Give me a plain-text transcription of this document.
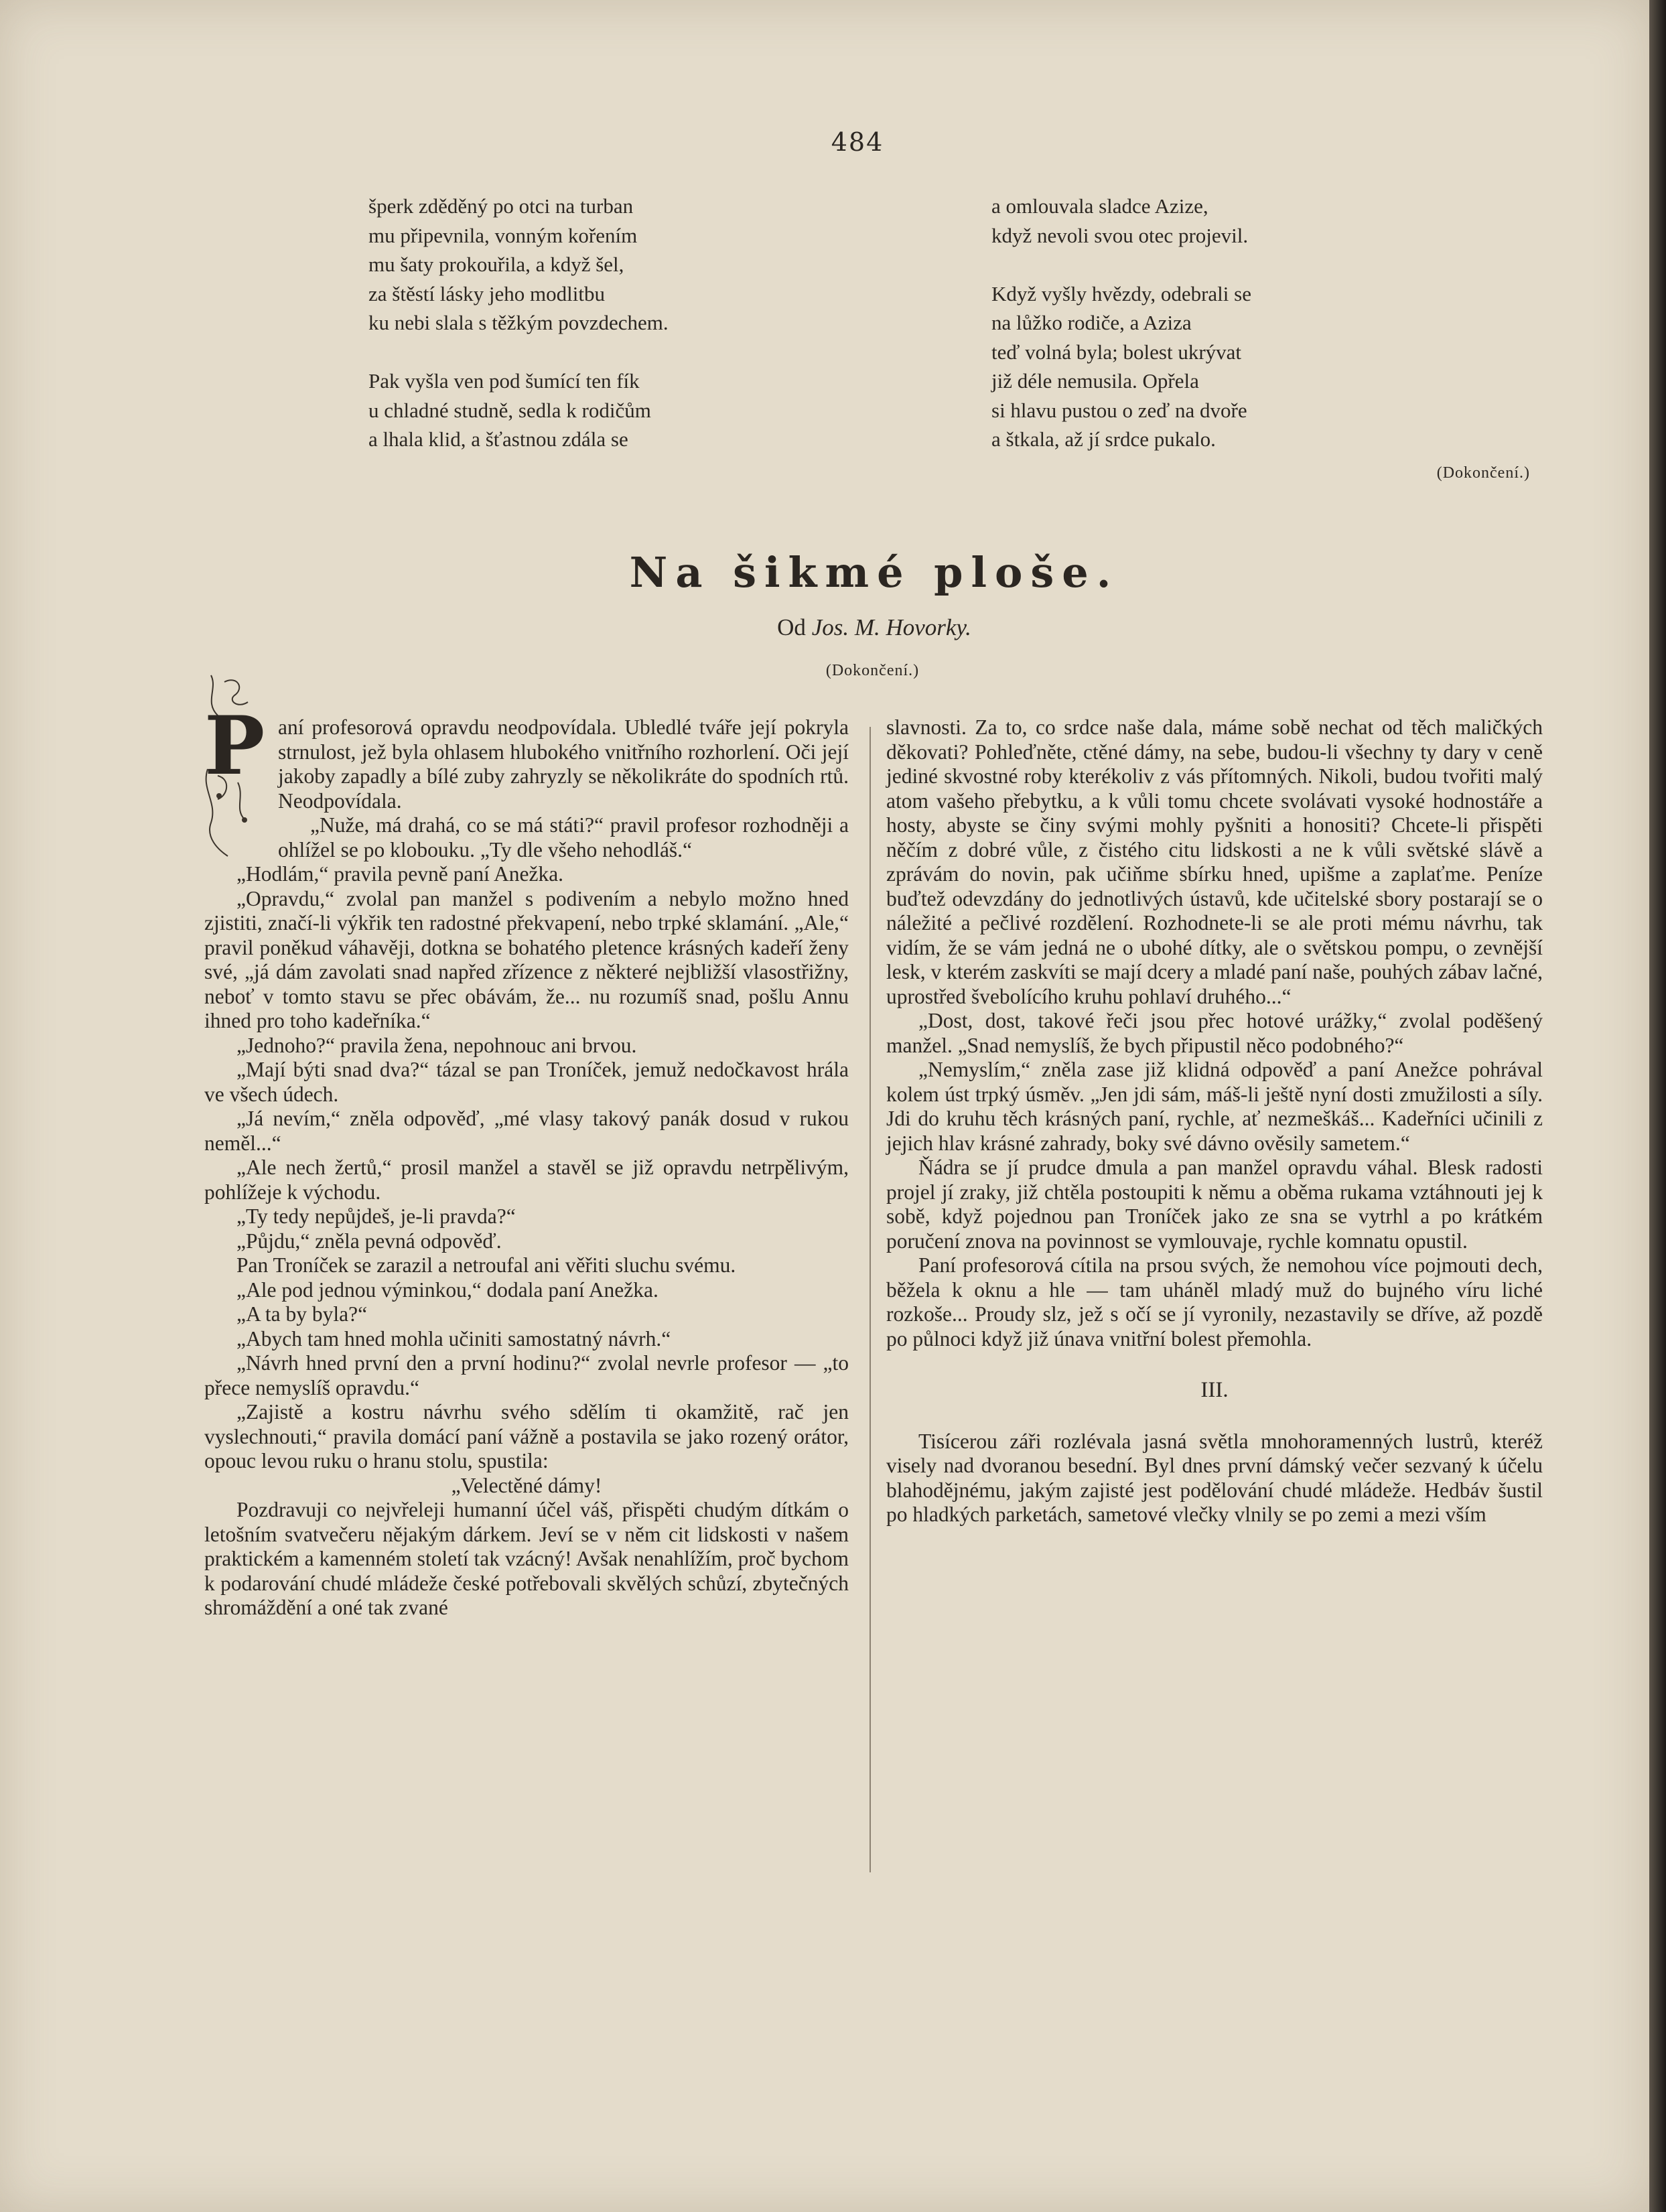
484
šperk zděděný po otci na turban
mu připevnila, vonným kořením
mu šaty prokouřila, a když šel,
za štěstí lásky jeho modlitbu
ku nebi slala s těžkým povzdechem.
Pak vyšla ven pod šumící ten fík
u chladné studně, sedla k rodičům
a lhala klid, a šťastnou zdála se
a omlouvala sladce Azize,
když nevoli svou otec projevil.
Když vyšly hvězdy, odebrali se
na lůžko rodiče, a Aziza
teď volná byla; bolest ukrývat
již déle nemusila. Opřela
si hlavu pustou o zeď na dvoře
a štkala, až jí srdce pukalo.
(Dokončení.)
Na šikmé ploše.
Od Jos. M. Hovorky.
(Dokončení.)
P aní profesorová opravdu neodpovídala. Ubledlé tváře její pokryla strnulost, jež byla ohlasem hlubokého vnitřního rozhorlení. Oči její jakoby zapadly a bílé zuby zahryzly se několikráte do spodních rtů. Neodpovídala.

„Nuže, má drahá, co se má státi?“ pravil profesor rozhodněji a ohlížel se po klobouku. „Ty dle všeho nehodláš.“

„Hodlám,“ pravila pevně paní Anežka.

„Opravdu,“ zvolal pan manžel s podivením a nebylo možno hned zjistiti, značí-li výkřik ten radostné překvapení, nebo trpké sklamání. „Ale,“ pravil poněkud váhavěji, dotkna se bohatého pletence krásných kadeří ženy své, „já dám zavolati snad napřed zřízence z některé nejbližší vlasostřižny, neboť v tomto stavu se přec obávám, že... nu rozumíš snad, pošlu Annu ihned pro toho kadeřníka.“

„Jednoho?“ pravila žena, nepohnouc ani brvou.

„Mají býti snad dva?“ tázal se pan Troníček, jemuž nedočkavost hrála ve všech údech.

„Já nevím,“ zněla odpověď, „mé vlasy takový panák dosud v rukou neměl...“

„Ale nech žertů,“ prosil manžel a stavěl se již opravdu netrpělivým, pohlížeje k východu.

„Ty tedy nepůjdeš, je-li pravda?“

„Půjdu,“ zněla pevná odpověď.

Pan Troníček se zarazil a netroufal ani věřiti sluchu svému.

„Ale pod jednou výminkou,“ dodala paní Anežka.

„A ta by byla?“

„Abych tam hned mohla učiniti samostatný návrh.“

„Návrh hned první den a první hodinu?“ zvolal nevrle profesor — „to přece nemyslíš opravdu.“

„Zajistě a kostru návrhu svého sdělím ti okamžitě, rač jen vyslechnouti,“ pravila domácí paní vážně a postavila se jako rozený orátor, opouc levou ruku o hranu stolu, spustila:

„Velectěné dámy!

Pozdravuji co nejvřeleji humanní účel váš, přispěti chudým dítkám o letošním svatvečeru nějakým dárkem. Jeví se v něm cit lidskosti v našem praktickém a kamenném století tak vzácný! Avšak nenahlížím, proč bychom k podarování chudé mládeže české potřebovali skvělých schůzí, zbytečných shromáždění a oné tak zvané

slavnosti. Za to, co srdce naše dala, máme sobě nechat od těch maličkých děkovati? Pohleďněte, ctěné dámy, na sebe, budou-li všechny ty dary v ceně jediné skvostné roby kterékoliv z vás přítomných. Nikoli, budou tvořiti malý atom vašeho přebytku, a k vůli tomu chcete svolávati vysoké hodnostáře a hosty, abyste se činy svými mohly pyšniti a honositi? Chcete-li přispěti něčím z dobré vůle, z čistého citu lidskosti a ne k vůli světské slávě a zprávám do novin, pak učiňme sbírku hned, upišme a zaplaťme. Peníze buďtež odevzdány do jednotlivých ústavů, kde učitelské sbory postarají se o náležité a pečlivé rozdělení. Rozhodnete-li se ale proti mému návrhu, tak vidím, že se vám jedná ne o ubohé dítky, ale o světskou pompu, o zevnější lesk, v kterém zaskvíti se mají dcery a mladé paní naše, pouhých zábav lačné, uprostřed švebolícího kruhu pohlaví druhého...“

„Dost, dost, takové řeči jsou přec hotové urážky,“ zvolal poděšený manžel. „Snad nemyslíš, že bych připustil něco podobného?“

„Nemyslím,“ zněla zase již klidná odpověď a paní Anežce pohrával kolem úst trpký úsměv. „Jen jdi sám, máš-li ještě nyní dosti zmužilosti a síly. Jdi do kruhu těch krásných paní, rychle, ať nezmeškáš... Kadeřníci učinili z jejich hlav krásné zahrady, boky své dávno ověsily sametem.“

Ňádra se jí prudce dmula a pan manžel opravdu váhal. Blesk radosti projel jí zraky, již chtěla postoupiti k němu a oběma rukama vztáhnouti jej k sobě, když pojednou pan Troníček jako ze sna se vytrhl a po krátkém poručení znova na povinnost se vymlouvaje, rychle komnatu opustil.

Paní profesorová cítila na prsou svých, že nemohou více pojmouti dech, běžela k oknu a hle — tam uháněl mladý muž do bujného víru liché rozkoše... Proudy slz, jež s očí se jí vyronily, nezastavily se dříve, až pozdě po půlnoci když již únava vnitřní bolest přemohla.

III.

Tisícerou záři rozlévala jasná světla mnohoramenných lustrů, kteréž visely nad dvoranou besední. Byl dnes první dámský večer sezvaný k účelu blahodějnému, jakým zajisté jest podělování chudé mládeže. Hedbáv šustil po hladkých parketách, sametové vlečky vlnily se po zemi a mezi vším
